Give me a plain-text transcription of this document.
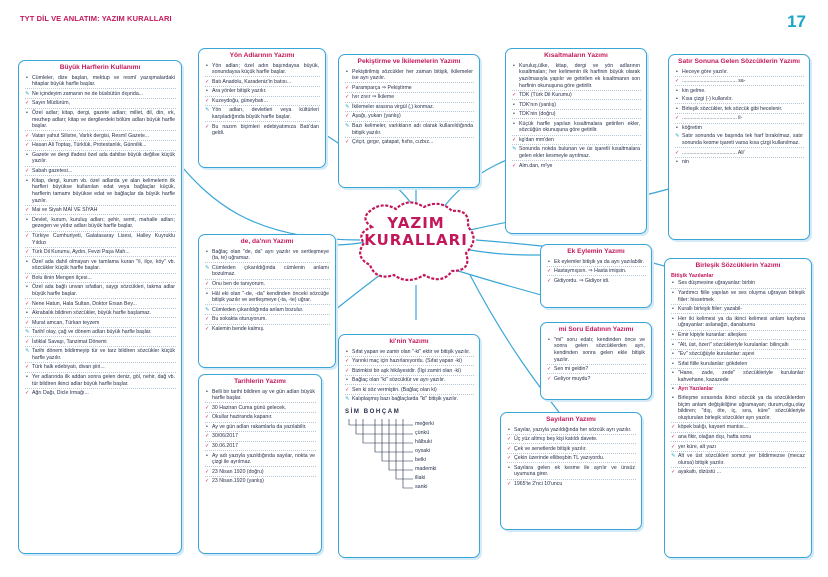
TYT DİL VE ANLATIM: YAZIM KURALLARI	17
Büyük Harflerin Kullanımı
• Cümleler, dize başları, mektup ve resmî yazışmalardaki hitaplar büyük harfle başlar.
✎ Ne içindeyim zamanın ne de büsbütün dışında...
✓ Sayın Müdürüm,
• Özel adlar; kitap, dergi, gazete adları; millet, dil, din, ırk, mezhep adları; kitap ve dergilerdeki bölüm adları büyük harfle başlar.
✓ Vatan yahut Silistre, Varlık dergisi, Resmî Gazete...
✓ Hasan Ali Toptaş, Türklük, Protestanlık, Günnilik...
• Gazete ve dergi ifadesi özel ada dahilse büyük değilse küçük yazılır.
✓ Sabah gazetesi...
• Kitap, dergi, kurum vb. özel adlarda ye alan kelimelerin ilk harfleri büyükse kullanılan edat veya bağlaçlar küçük, harflerin tamamı büyükse edat ve bağlaçlar da büyük harfle yazılır.
✓ Mai ve Siyah MAİ VE SİYAH
• Devlet, kurum, kuruluş adları; şehir, semt, mahalle adları; gezegen ve yıldız adları büyük harfle başlar.
✓ Türkiye Cumhuriyeti, Galatasaray Lisesi, Halley Kuyruklu Yıldızı
✓ Türk Dil Kurumu, Aydın, Fevzi Paşa Mah...
• Özel ada dahil olmayan ve tamlama kuran "il, ilçe, köy" vb. sözcükler küçük harfle başlar.
✓ Bolu ilinin Mengen ilçesi...
• Özel ada bağlı unvan sıfatları, saygı sözcükleri, takma adlar büyük harfle başlar.
✓ Nene Hatun, Hala Sultan, Doktor Ersan Bey...
• Akrabalık bildiren sözcükler, büyük harfle başlamaz.
✓ Murat amcan, Türkan teyzem
✎ Tarihî olay, çağ ve dönem adları büyük harfle başlar.
✓ İstiklal Savaşı, Tanzimat Dönemi
✎ Tarihi dönem bildirmeyip tür ve tarz bildiren sözcükler küçük harfle yazılır.
✓ Türk halk edebiyatı, divan şiiri...
• Yer adlarında ilk addan sonra gelen deniz, göl, nehir, dağ vb. tür bildiren ikinci adlar büyük harfle başlar.
✓ Ağrı Dağı, Dicle Irmağı...
Yön Adlarının Yazımı
• Yön adları; özel adın başındaysa büyük, sonundaysa küçük harfle başlar.
✓ Batı Anadolu, Karadeniz'in batısı...
• Ara yönler bitişik yazılır.
✓ Kuzeydoğu, güneybatı...
✎ Yön adları, devletleri veya kültürleri karşıladığında büyük harfle başlar.
✓ Bu nazım biçimleri edebiyatımıza Batı'dan geldi.
Pekiştirme ve İkilemelerin Yazımı
• Pekiştirilmiş sözcükler her zaman bitişik, ikilemeler ise ayrı yazılır.
✓ Paramparça ⇒ Pekiştirme
✓ Ivır zıvır ⇒ İkileme
✎ İkilemeler arasına virgül (,) konmaz.
✓ Aşağı, yukarı (yanlış)
✎ Bazı kelimeler, varlıkların adı olarak kullanıldığında bitişik yazılır.
✓ Çıtçıt, gırgır, çatapat, fısfıs, cızbız...
Kısaltmaların Yazımı
• Kuruluş,ülke, kitap, dergi ve yön adlarının kısaltmaları; her kelimenin ilk harfinin büyük olarak yazılmasıyla yapılır ve getirilen ek kısaltmanın son harfinin okunuşuna göre getirilir.
✓ TDK (Türk Dil Kurumu)
• TDK'nın (yanlış)
• TDK'nin (doğru)
• Küçük harfle yapılan kısaltmalara getirilen ekler, sözcüğün okunuşuna göre getirilir.
✓ kg'dan mm'den
✎ Sonunda nokda bulunan ve üs işaretli kısaltmalara gelen ekler kesmeyle ayrılmaz.
✓ Alm.dan, m²ye
Satır Sonuna Gelen Sözcüklerin Yazımı
• Heceye göre yazılır.
✓ ...................................... sa-
• kin gelme.
• Kısa çizgi (-) kullanılır.
• Birleşik sözcükler, tek sözcük gibi hecelenir.
✓ ...................................... il-
• köğretim
✎ Satır sonunda ve başında tek harf bırakılmaz, satır sonunda kesme işareti varsa kısa çizgi kullanılmaz.
✓ ...................................... Ali'
• nin
de, da'nın Yazımı
• Bağlaç olan "de, da" ayrı yazılır ve sertleşmeye (ta, te) uğramaz.
✎ Cümleden çıkarıldığında cümlenin anlamı bozulmaz.
✓ Onu ben de tanıyorum.
• Hâl eki olan "-de, -da" kendinden önceki sözcüğe bitişik yazılır ve sertleşmeye (-ta, -te) uğrar.
✎ Cümleden çıkarıldığında anlam bozulur.
✓ Bu sokakta oturuyorum.
✓ Kalemin bende kalmış.
YAZIM
KURALLARI
Ek Eylemin Yazımı
• Ek eylemler bitişik ya da ayrı yazılabilir.
✓ Hastaymışsın. ⇒ Hasta imişsin.
✓ Gidiyordu. ⇒ Gidiyor idi.
mi Soru Edatının Yazımı
• "mi" soru edatı; kendinden önce ve sonra gelen sözcüklerden ayrı, kendinden sonra gelen ekle bitişik yazılır.
✓ Sen mi geldin?
✓ Geliyor muydu?
ki'nin Yazımı
• Sıfat yapan ve zamir olan "-ki" ektir ve bitişik yazılır.
✓ Yarınki maç için hazırlanıyordu. (Sıfat yapan -ki)
✓ Bizimkisi bir aşk hikâyesidir. (İlgi zamiri olan -ki)
• Bağlaç olan "ki" sözcüktür ve ayrı yazılır.
✓ Sen ki söz vermiştin. (Bağlaç olan ki)
✎ Kalıplaşmış bazı bağlaçlarda "ki" bitişik yazılır.
SİM BOHÇAM
meğerki
çünkü
hâlbuki
oysaki
belki
mademki
illaki
sanki
Tarihlerin Yazımı
• Belli bir tarihi bildiren ay ve gün adları büyük harfle başlar.
✓ 30 Haziran Cuma günü gelecek.
✓ Okullar haziranda kapanır.
• Ay ve gün adları rakamlarla da yazılabilir.
✓ 30/06/2017
✓ 30.06.2017
• Ay adı yazıyla yazıldığında sayılar, nokta ve çizgi ile ayrılmaz.
✓ 23 Nisan 1920 (doğru)
✓ 23 Nisan.1920 (yanlış)
Sayıların Yazımı
• Sayılar, yazıyla yazıldığında her sözcük ayrı yazılır.
✓ Üç yüz altmış beş kişi katıldı davete.
✓ Çek ve senetlerde bitişik yazılır.
✓ Çekin üzerinde ellibeşbin TL yazıyordu.
• Sayılara gelen ek kesme ile ayrılır ve ünsüz uyumuna girer.
✓ 1965'te 2'nci 10'uncu
Birleşik Sözcüklerin Yazımı
Bitişik Yazılanlar
• Ses düşmesine uğrayanlar: birbin
• Yardımcı fiille yapılan ve ses oluyma uğrayan birleşik fiiler: hissetmek
• Kurallı birleşik fiiler: yazabil-
• Her iki kelimesi ya da ikinci kelimesi anlam kaybına uğrayanlar: aslanağzı, danaburnu
• Emir kipiyle kuranlar: alteşkes
• "Alt, üst, özeri" sözcükleriyle kurulanlar: bilinçaltı
• "Ev" sözcüğüyle kurulanlar: aşevi
• Sıfat fiille kurulanlar: gökdelen
• "Hane, zade, zede" sözcükleriyle kurulanlar: kahvehane, kazazede
• Ayrı Yazılanlar
• Birleşme sırasında ikinci sözcük ya da sözcüklerden biçim anlam değişikliğine uğramayan; durum,olgu,olay bildiren; "dış, öte, iç, sıra, küre" sözcükleriyle oluşturulan birleşik sözcükler ayrı yazılır.
✓ köpek balığı, kayseri mantısı...
✓ ana fikir, olağan dışı, hafta sonu
✓ yer küre, alt yazı
✎ Alt ve üst sözcükleri somut yer bildirmezse (mecaz olursa) bitişik yazılır.
✓ ayakaltı, dizüstü ...
